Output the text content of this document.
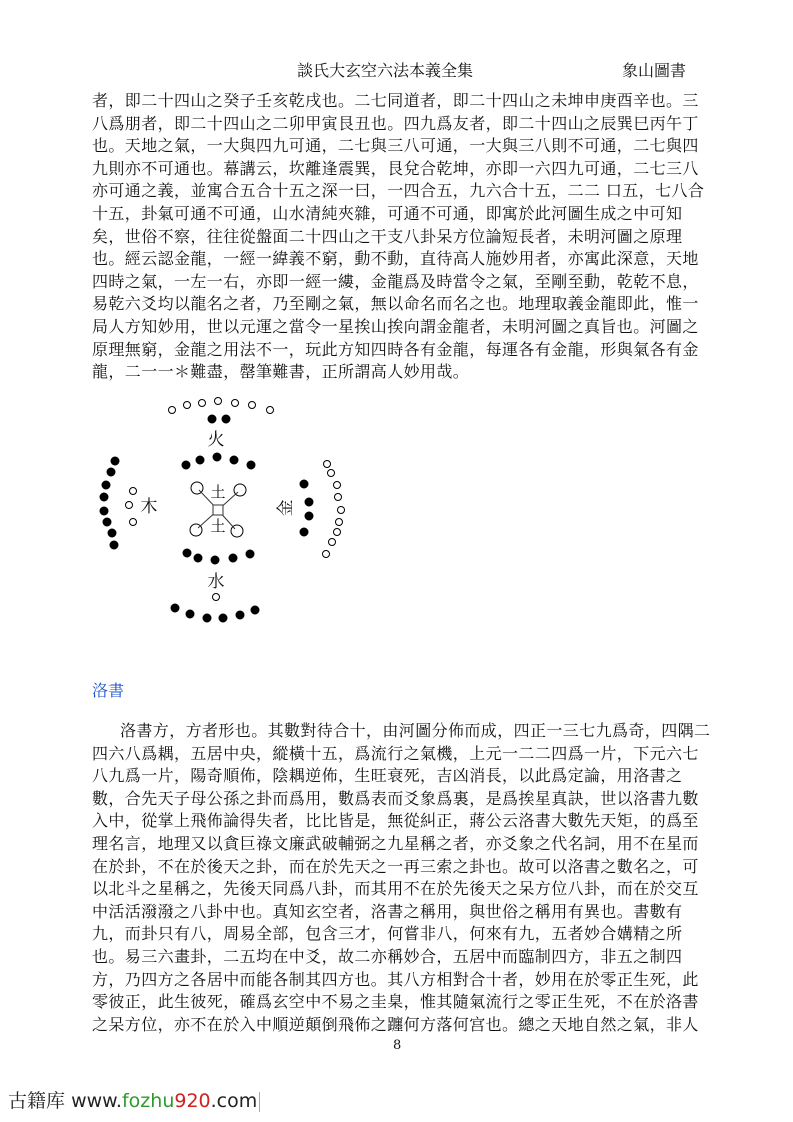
談氏大玄空六法本義全集	象山圖書
者，即二十四山之癸子壬亥乾戌也。二七同道者，即二十四山之未坤申庚酉辛也。三
八爲朋者，即二十四山之二卯甲寅艮丑也。四九爲友者，即二十四山之辰巽巳丙午丁
也。天地之氣，一大與四九可通，二七與三八可通，一大與三八則不可通，二七與四
九則亦不可通也。幕講云，坎離逢震巽，艮兌合乾坤，亦即一六四九可通，二七三八
亦可通之義，並寓合五合十五之深一曰，一四合五，九六合十五，二二 口五，七八合
十五，卦氣可通不可通，山水清純夾雜，可通不可通，即寓於此河圖生成之中可知
矣，世俗不察，往往從盤面二十四山之干支八卦呆方位論短長者，未明河圖之原理
也。經云認金龍，一經一緯義不窮，動不動，直待高人施妙用者，亦寓此深意，天地
四時之氣，一左一右，亦即一經一縷，金龍爲及時當令之氣，至剛至動，乾乾不息，
易乾六爻均以龍名之者，乃至剛之氣，無以命名而名之也。地理取義金龍即此，惟一
局人方知妙用，世以元運之當令一星挨山挨向謂金龍者，未明河圖之真旨也。河圖之
原理無窮，金龍之用法不一，玩此方知四時各有金龍，每運各有金龍，形與氣各有金
龍，二一一＊難盡，罄筆難書，正所謂高人妙用哉。
火
木	金
水
土
土
洛書
洛書方，方者形也。其數對待合十，由河圖分佈而成，四正一三七九爲奇，四隅二
四六八爲耦，五居中央，縱橫十五，爲流行之氣機，上元一二二四爲一片，下元六七
八九爲一片，陽奇順佈，陰耦逆佈，生旺衰死，吉凶消長，以此爲定論，用洛書之
數，合先天子母公孫之卦而爲用，數爲表而爻象爲裏，是爲挨星真訣，世以洛書九數
入中，從掌上飛佈論得失者，比比皆是，無從糾正，蔣公云洛書大數先天矩，的爲至
理名言，地理又以貪巨祿文廉武破輔弼之九星稱之者，亦爻象之代名詞，用不在星而
在於卦，不在於後天之卦，而在於先天之一再三索之卦也。故可以洛書之數名之，可
以北斗之星稱之，先後天同爲八卦，而其用不在於先後天之呆方位八卦，而在於交互
中活活潑潑之八卦中也。真知玄空者，洛書之稱用，與世俗之稱用有異也。書數有
九，而卦只有八，周易全部，包含三才，何嘗非八，何來有九，五者妙合媾精之所
也。易三六畫卦，二五均在中爻，故二亦稱妙合，五居中而臨制四方，非五之制四
方，乃四方之各居中而能各制其四方也。其八方相對合十者，妙用在於零正生死，此
零彼正，此生彼死，確爲玄空中不易之圭臬，惟其隨氣流行之零正生死，不在於洛書
之呆方位，亦不在於入中順逆顛倒飛佈之躔何方落何宫也。總之天地自然之氣，非人
8
古籍库 www.fozhu920.com
